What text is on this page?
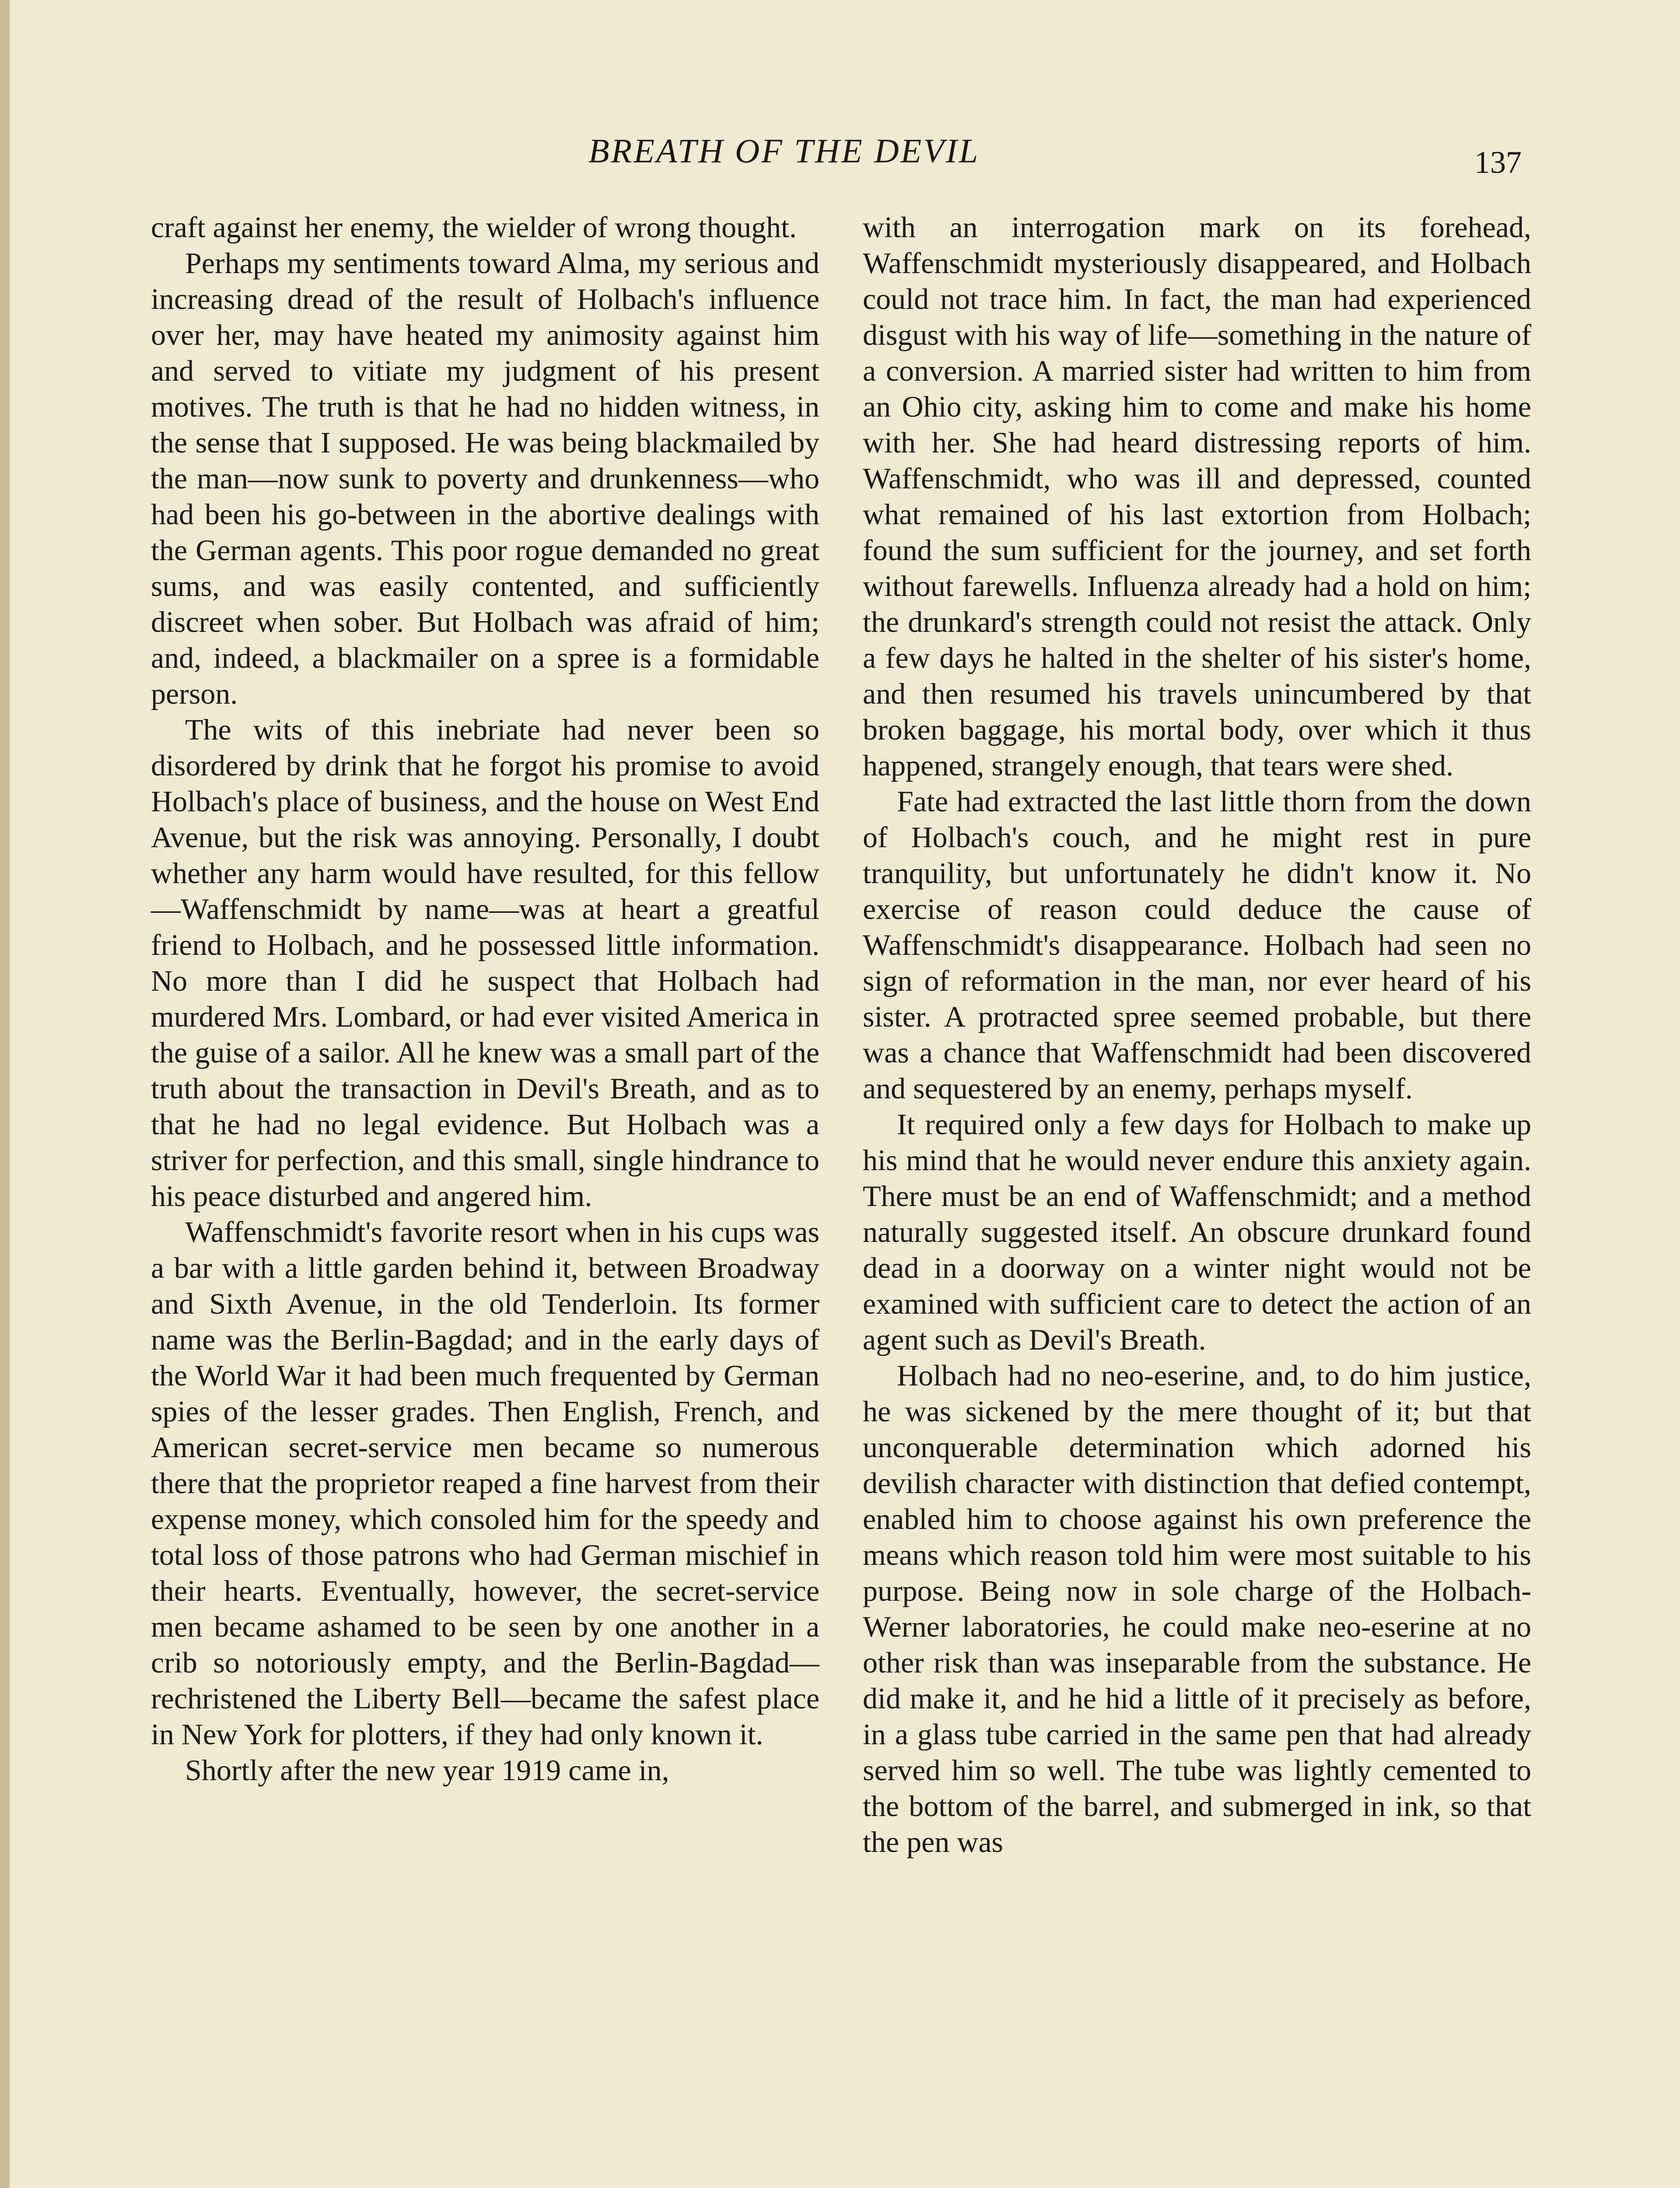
BREATH OF THE DEVIL	137

craft against her enemy, the wielder of wrong thought.

Perhaps my sentiments toward Alma, my serious and increasing dread of the result of Holbach's influence over her, may have heated my animosity against him and served to vitiate my judgment of his present motives. The truth is that he had no hidden witness, in the sense that I supposed. He was being blackmailed by the man—now sunk to poverty and drunkenness—who had been his go-between in the abortive dealings with the German agents. This poor rogue demanded no great sums, and was easily contented, and sufficiently discreet when sober. But Holbach was afraid of him; and, indeed, a blackmailer on a spree is a formidable person.

The wits of this inebriate had never been so disordered by drink that he forgot his promise to avoid Holbach's place of business, and the house on West End Avenue, but the risk was annoying. Personally, I doubt whether any harm would have resulted, for this fellow—Waffenschmidt by name—was at heart a greatful friend to Holbach, and he possessed little information. No more than I did he suspect that Holbach had murdered Mrs. Lombard, or had ever visited America in the guise of a sailor. All he knew was a small part of the truth about the transaction in Devil's Breath, and as to that he had no legal evidence. But Holbach was a striver for perfection, and this small, single hindrance to his peace disturbed and angered him.

Waffenschmidt's favorite resort when in his cups was a bar with a little garden behind it, between Broadway and Sixth Avenue, in the old Tenderloin. Its former name was the Berlin-Bagdad; and in the early days of the World War it had been much frequented by German spies of the lesser grades. Then English, French, and American secret-service men became so numerous there that the proprietor reaped a fine harvest from their expense money, which consoled him for the speedy and total loss of those patrons who had German mischief in their hearts. Eventually, however, the secret-service men became ashamed to be seen by one another in a crib so notoriously empty, and the Berlin-Bagdad—rechristened the Liberty Bell—became the safest place in New York for plotters, if they had only known it.

Shortly after the new year 1919 came in,

with an interrogation mark on its forehead, Waffenschmidt mysteriously disappeared, and Holbach could not trace him. In fact, the man had experienced disgust with his way of life—something in the nature of a conversion. A married sister had written to him from an Ohio city, asking him to come and make his home with her. She had heard distressing reports of him. Waffenschmidt, who was ill and depressed, counted what remained of his last extortion from Holbach; found the sum sufficient for the journey, and set forth without farewells. Influenza already had a hold on him; the drunkard's strength could not resist the attack. Only a few days he halted in the shelter of his sister's home, and then resumed his travels unincumbered by that broken baggage, his mortal body, over which it thus happened, strangely enough, that tears were shed.

Fate had extracted the last little thorn from the down of Holbach's couch, and he might rest in pure tranquility, but unfortunately he didn't know it. No exercise of reason could deduce the cause of Waffenschmidt's disappearance. Holbach had seen no sign of reformation in the man, nor ever heard of his sister. A protracted spree seemed probable, but there was a chance that Waffenschmidt had been discovered and sequestered by an enemy, perhaps myself.

It required only a few days for Holbach to make up his mind that he would never endure this anxiety again. There must be an end of Waffenschmidt; and a method naturally suggested itself. An obscure drunkard found dead in a doorway on a winter night would not be examined with sufficient care to detect the action of an agent such as Devil's Breath.

Holbach had no neo-eserine, and, to do him justice, he was sickened by the mere thought of it; but that unconquerable determination which adorned his devilish character with distinction that defied contempt, enabled him to choose against his own preference the means which reason told him were most suitable to his purpose. Being now in sole charge of the Holbach-Werner laboratories, he could make neo-eserine at no other risk than was inseparable from the substance. He did make it, and he hid a little of it precisely as before, in a glass tube carried in the same pen that had already served him so well. The tube was lightly cemented to the bottom of the barrel, and submerged in ink, so that the pen was
